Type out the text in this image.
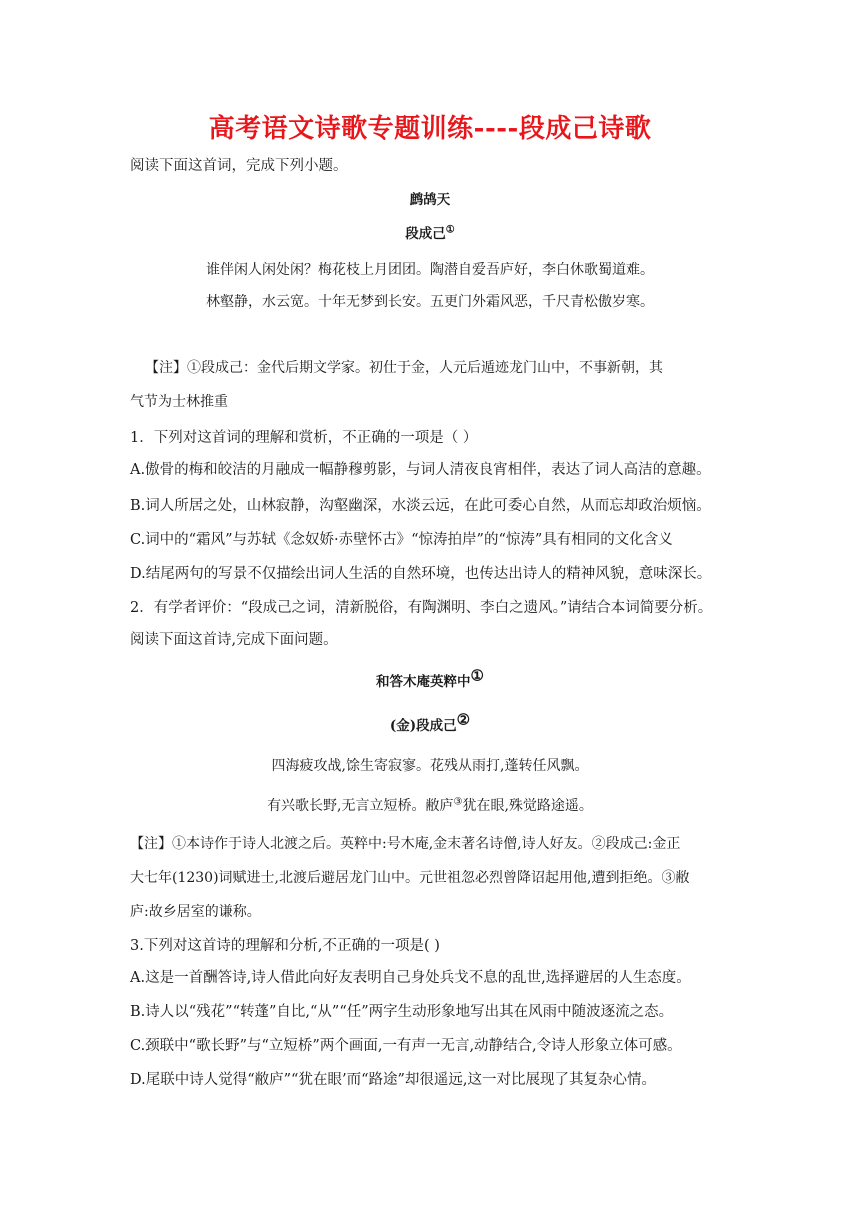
高考语文诗歌专题训练----段成己诗歌

阅读下面这首词，完成下列小题。

鹧鸪天

段成己①

谁伴闲人闲处闲？梅花枝上月团团。陶潜自爱吾庐好，李白休歌蜀道难。

林壑静，水云宽。十年无梦到长安。五更门外霜风恶，千尺青松傲岁寒。

【注】①段成己：金代后期文学家。初仕于金，人元后遁迹龙门山中，不事新朝，其

气节为士林推重

1．下列对这首词的理解和赏析，不正确的一项是（ ）

A.傲骨的梅和皎洁的月融成一幅静穆剪影，与词人清夜良宵相伴，表达了词人高洁的意趣。

B.词人所居之处，山林寂静，沟壑幽深，水淡云远，在此可委心自然，从而忘却政治烦恼。

C.词中的“霜风”与苏轼《念奴娇·赤壁怀古》“惊涛拍岸”的“惊涛”具有相同的文化含义

D.结尾两句的写景不仅描绘出词人生活的自然环境，也传达出诗人的精神风貌，意味深长。

2．有学者评价：“段成己之词，清新脱俗，有陶渊明、李白之遗风。”请结合本词简要分析。

阅读下面这首诗,完成下面问题。

和答木庵英粹中①

(金)段成己②

四海疲攻战,馀生寄寂寥。花残从雨打,蓬转任风飘。

有兴歌长野,无言立短桥。敝庐③犹在眼,殊觉路途遥。

【注】①本诗作于诗人北渡之后。英粹中:号木庵,金末著名诗僧,诗人好友。②段成己:金正

大七年(1230)词赋进士,北渡后避居龙门山中。元世祖忽必烈曾降诏起用他,遭到拒绝。③敝

庐:故乡居室的谦称。

3.下列对这首诗的理解和分析,不正确的一项是( )

A.这是一首酬答诗,诗人借此向好友表明自己身处兵戈不息的乱世,选择避居的人生态度。

B.诗人以“残花”“转蓬”自比,“从”“任”两字生动形象地写出其在风雨中随波逐流之态。

C.颈联中“歌长野”与“立短桥”两个画面,一有声一无言,动静结合,令诗人形象立体可感。

D.尾联中诗人觉得“敝庐”“犹在眼’而“路途”却很遥远,这一对比展现了其复杂心情。
